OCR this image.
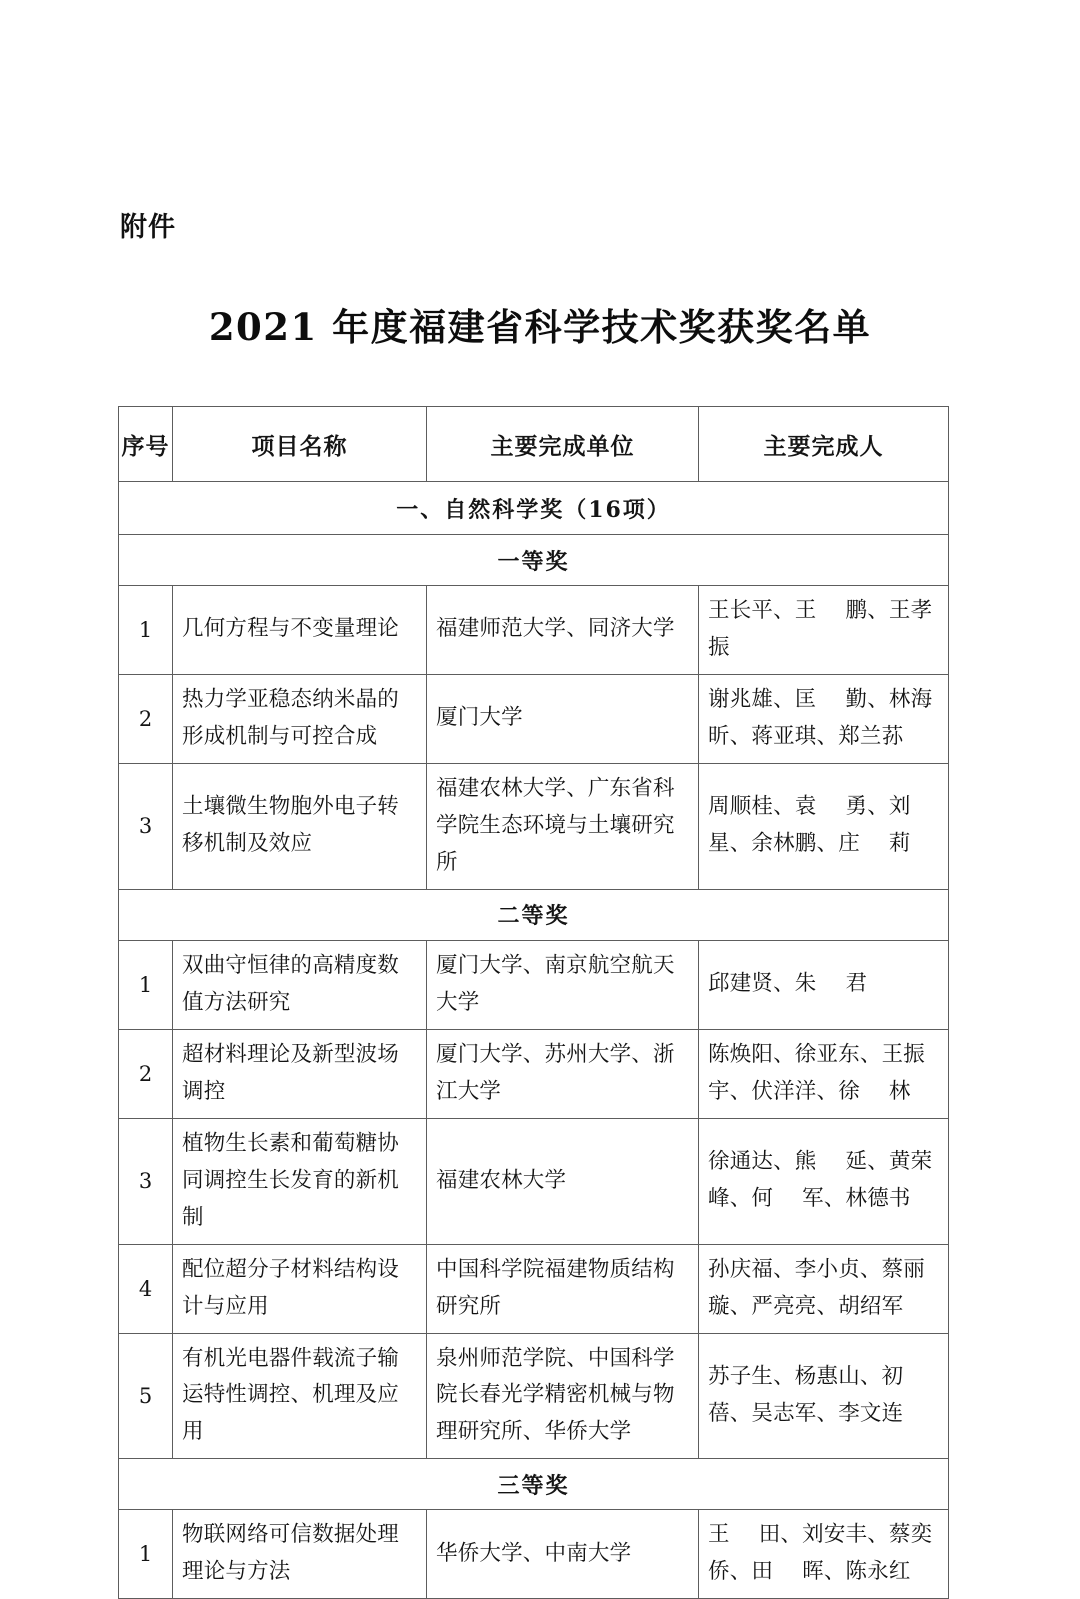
附件
2021 年度福建省科学技术奖获奖名单
序号	项目名称	主要完成单位	主要完成人
一、自然科学奖（16项）			
一等奖			
1	几何方程与不变量理论	福建师范大学、同济大学	王长平、王 鹏、王孝振
2	热力学亚稳态纳米晶的形成机制与可控合成	厦门大学	谢兆雄、匡 勤、林海昕、蒋亚琪、郑兰荪
3	土壤微生物胞外电子转移机制及效应	福建农林大学、广东省科学院生态环境与土壤研究所	周顺桂、袁 勇、刘星、余林鹏、庄 莉
二等奖			
1	双曲守恒律的高精度数值方法研究	厦门大学、南京航空航天大学	邱建贤、朱 君
2	超材料理论及新型波场调控	厦门大学、苏州大学、浙江大学	陈焕阳、徐亚东、王振宇、伏洋洋、徐 林
3	植物生长素和葡萄糖协同调控生长发育的新机制	福建农林大学	徐通达、熊 延、黄荣峰、何 军、林德书
4	配位超分子材料结构设计与应用	中国科学院福建物质结构研究所	孙庆福、李小贞、蔡丽璇、严亮亮、胡绍军
5	有机光电器件载流子输运特性调控、机理及应用	泉州师范学院、中国科学院长春光学精密机械与物理研究所、华侨大学	苏子生、杨惠山、初蓓、吴志军、李文连
三等奖			
1	物联网络可信数据处理理论与方法	华侨大学、中南大学	王 田、刘安丰、蔡奕侨、田 晖、陈永红
